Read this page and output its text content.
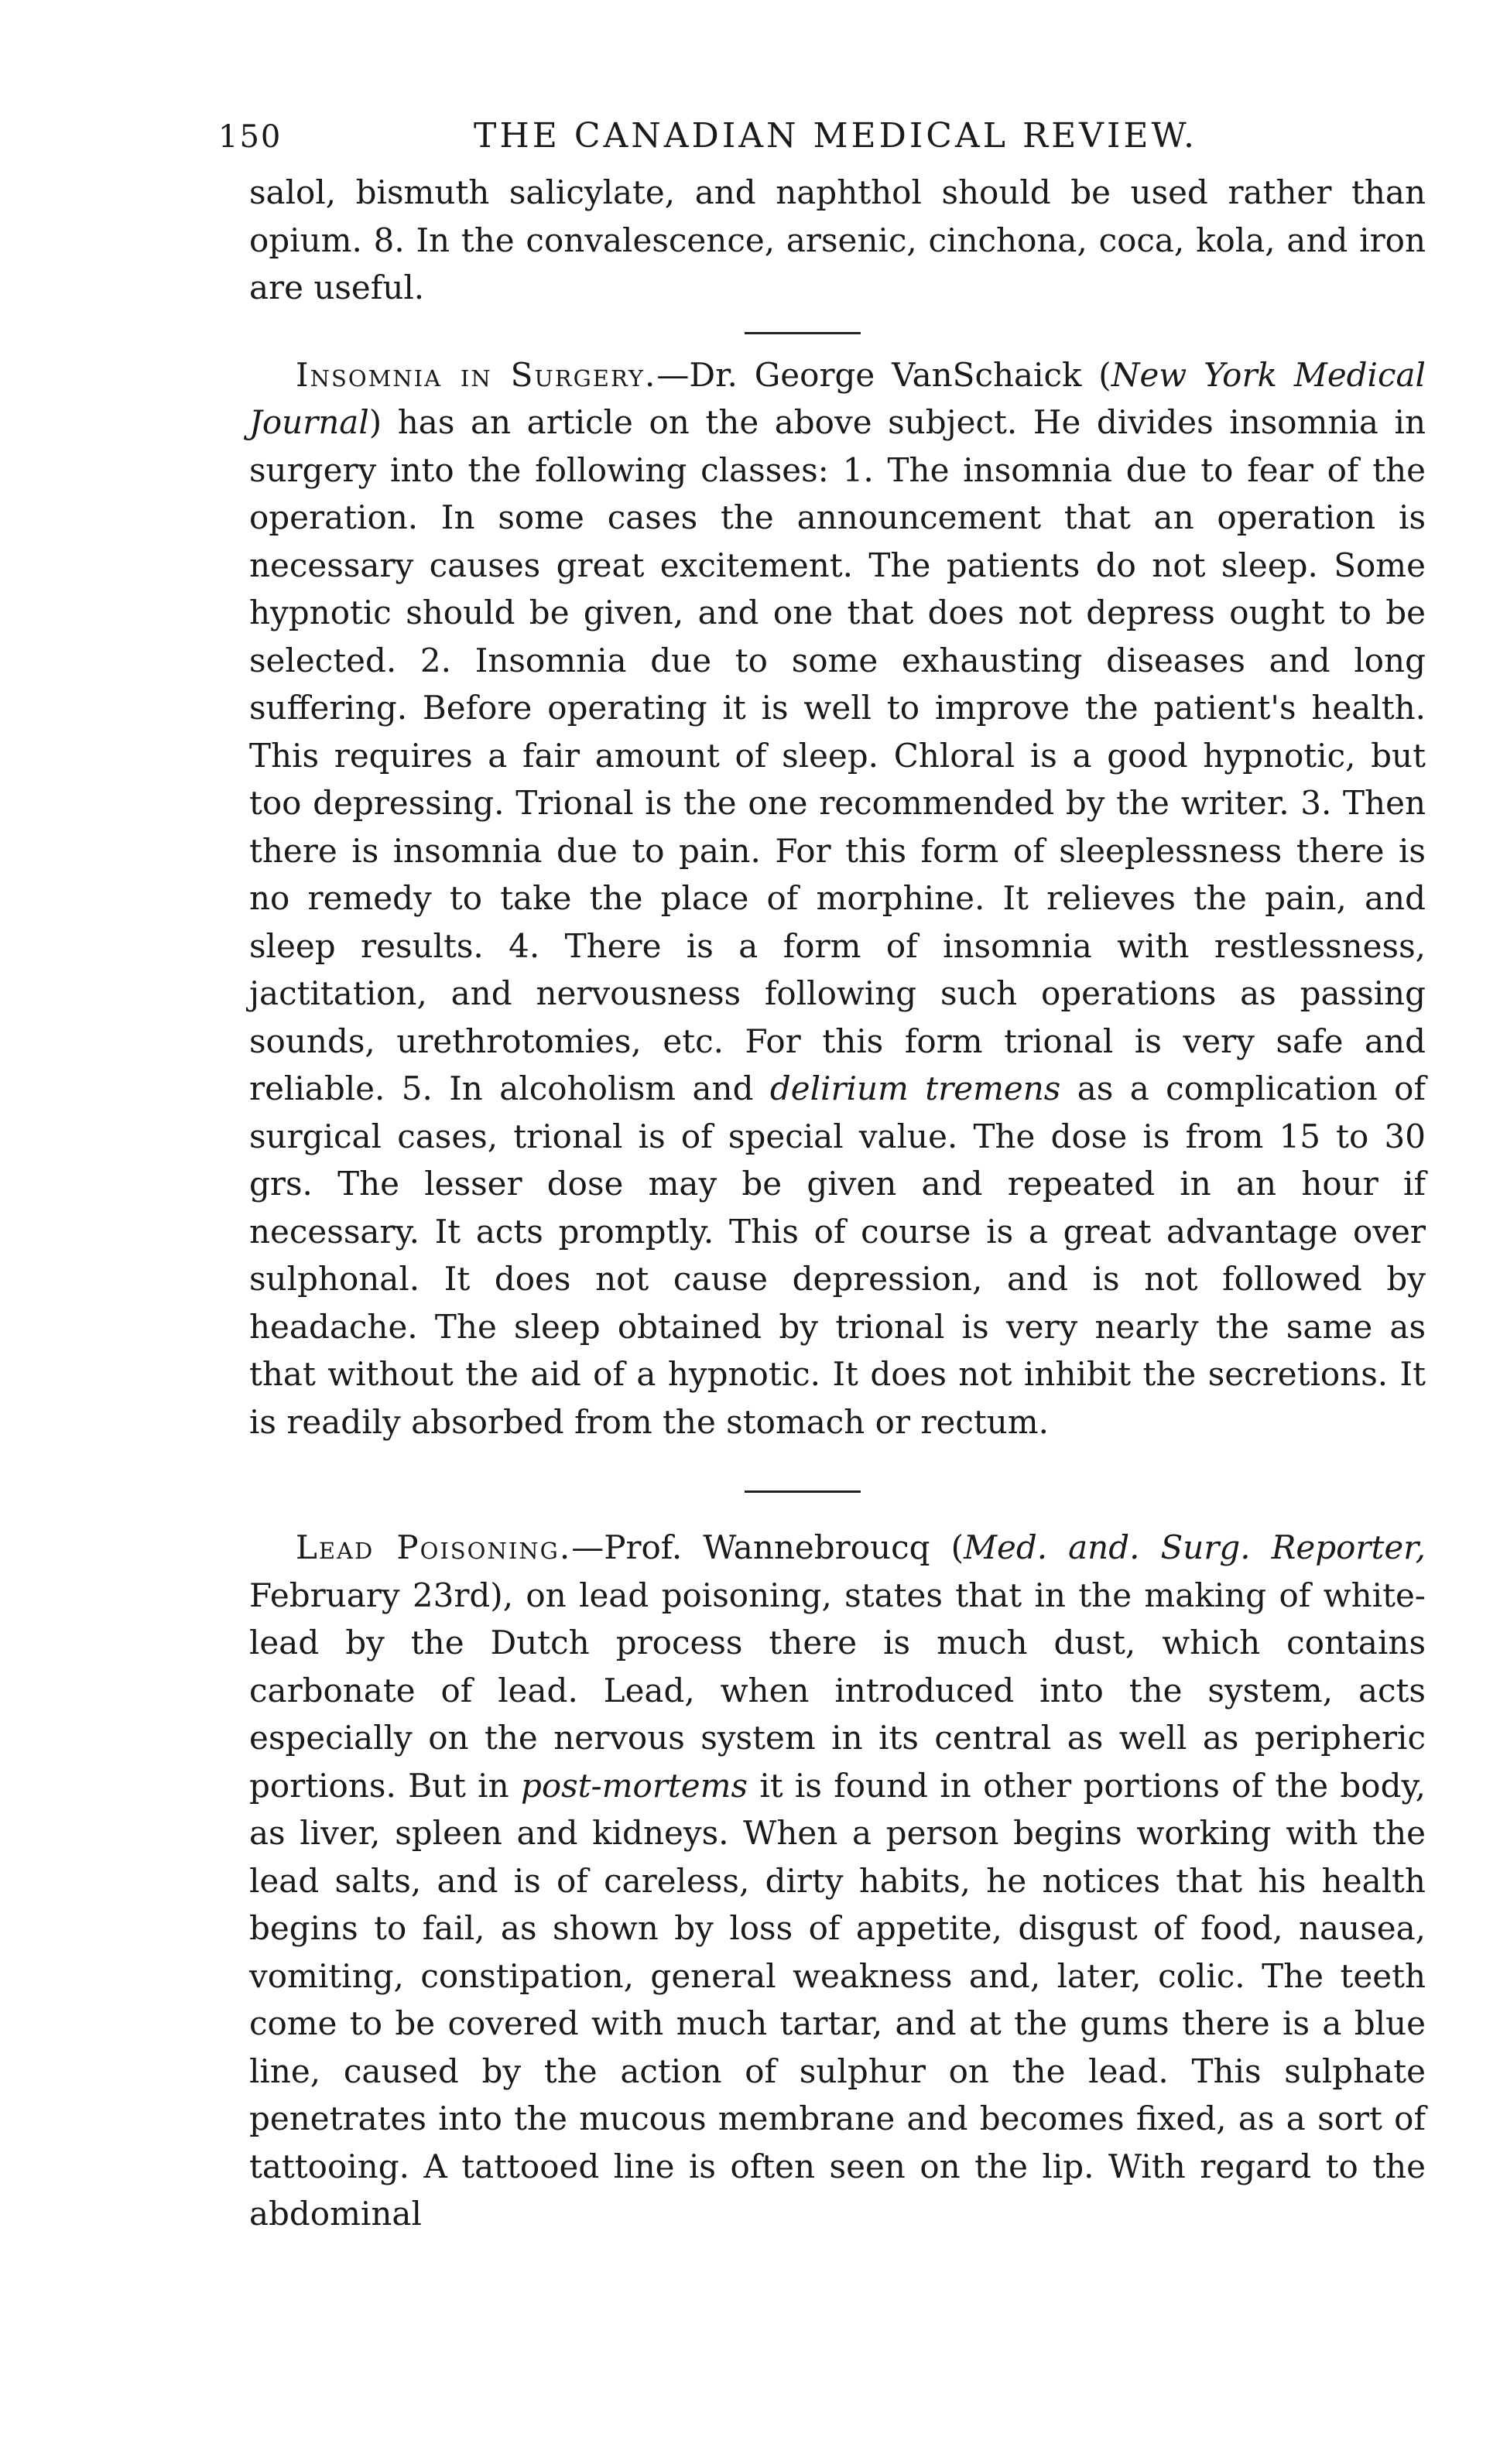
150	THE CANADIAN MEDICAL REVIEW.

salol, bismuth salicylate, and naphthol should be used rather than opium. 8. In the convalescence, arsenic, cinchona, coca, kola, and iron are useful.

Insomnia in Surgery.—Dr. George VanSchaick (New York Medical Journal) has an article on the above subject. He divides insomnia in surgery into the following classes: 1. The insomnia due to fear of the operation. In some cases the announcement that an operation is necessary causes great excitement. The patients do not sleep. Some hypnotic should be given, and one that does not depress ought to be selected. 2. Insomnia due to some exhausting diseases and long suffering. Before operating it is well to improve the patient's health. This requires a fair amount of sleep. Chloral is a good hypnotic, but too depressing. Trional is the one recommended by the writer. 3. Then there is insomnia due to pain. For this form of sleeplessness there is no remedy to take the place of morphine. It relieves the pain, and sleep results. 4. There is a form of insomnia with restlessness, jactitation, and nervousness following such operations as passing sounds, urethrotomies, etc. For this form trional is very safe and reliable. 5. In alcoholism and delirium tremens as a complication of surgical cases, trional is of special value. The dose is from 15 to 30 grs. The lesser dose may be given and repeated in an hour if necessary. It acts promptly. This of course is a great advantage over sulphonal. It does not cause depression, and is not followed by headache. The sleep obtained by trional is very nearly the same as that without the aid of a hypnotic. It does not inhibit the secretions. It is readily absorbed from the stomach or rectum.

Lead Poisoning.—Prof. Wannebroucq (Med. and. Surg. Reporter, February 23rd), on lead poisoning, states that in the making of white-lead by the Dutch process there is much dust, which contains carbonate of lead. Lead, when introduced into the system, acts especially on the nervous system in its central as well as peripheric portions. But in post-mortems it is found in other portions of the body, as liver, spleen and kidneys. When a person begins working with the lead salts, and is of careless, dirty habits, he notices that his health begins to fail, as shown by loss of appetite, disgust of food, nausea, vomiting, constipation, general weakness and, later, colic. The teeth come to be covered with much tartar, and at the gums there is a blue line, caused by the action of sulphur on the lead. This sulphate penetrates into the mucous membrane and becomes fixed, as a sort of tattooing. A tattooed line is often seen on the lip. With regard to the abdominal
